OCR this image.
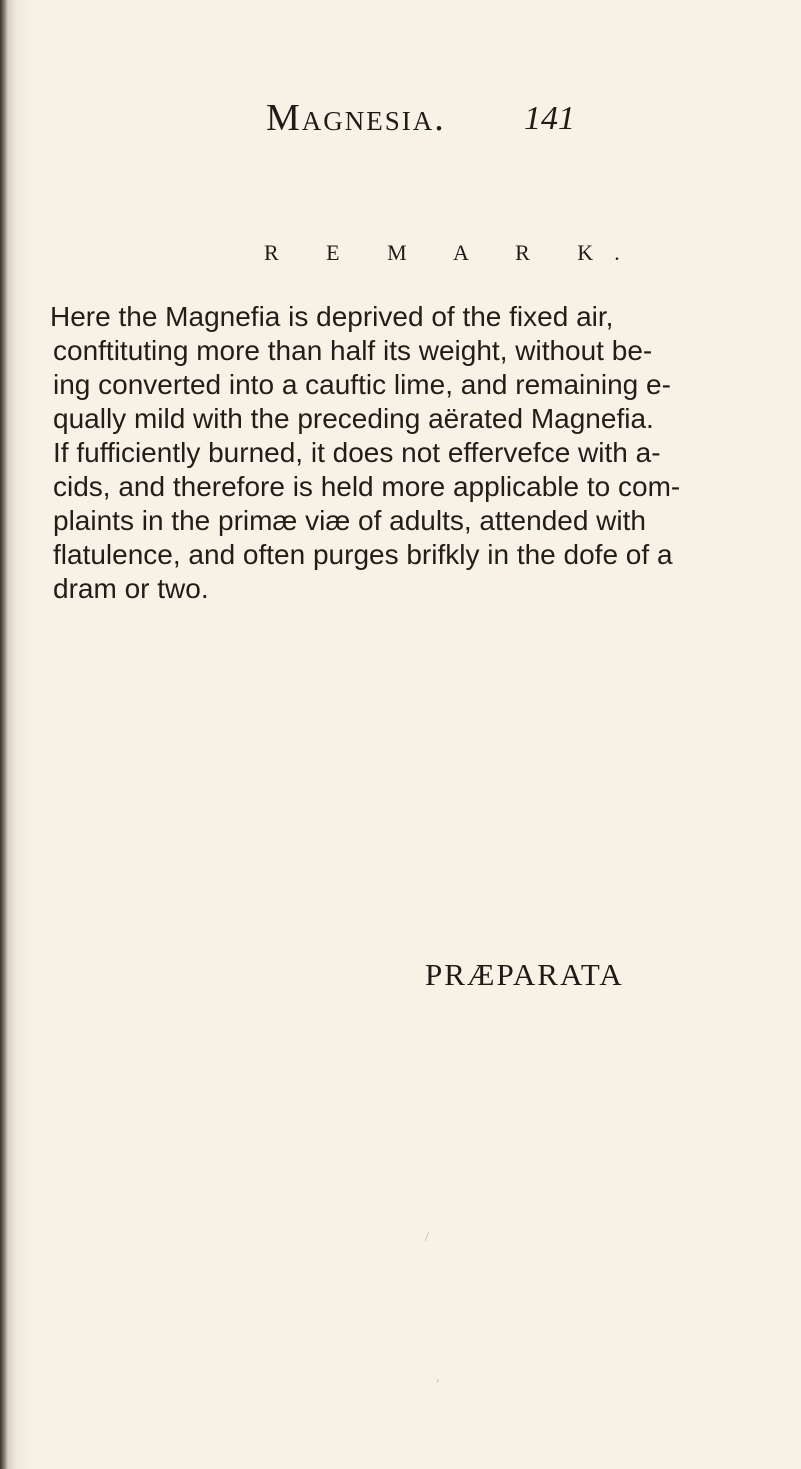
Magnesia. 141
R E M A R K.
Here the Magnefia is deprived of the fixed air,
conftituting more than half its weight, without be-
ing converted into a cauftic lime, and remaining e-
qually mild with the preceding aërated Magnefia.
If fufficiently burned, it does not effervefce with a-
cids, and therefore is held more applicable to com-
plaints in the primæ viæ of adults, attended with
flatulence, and often purges brifkly in the dofe of a
dram or two.
PRÆPARATA
/
,
